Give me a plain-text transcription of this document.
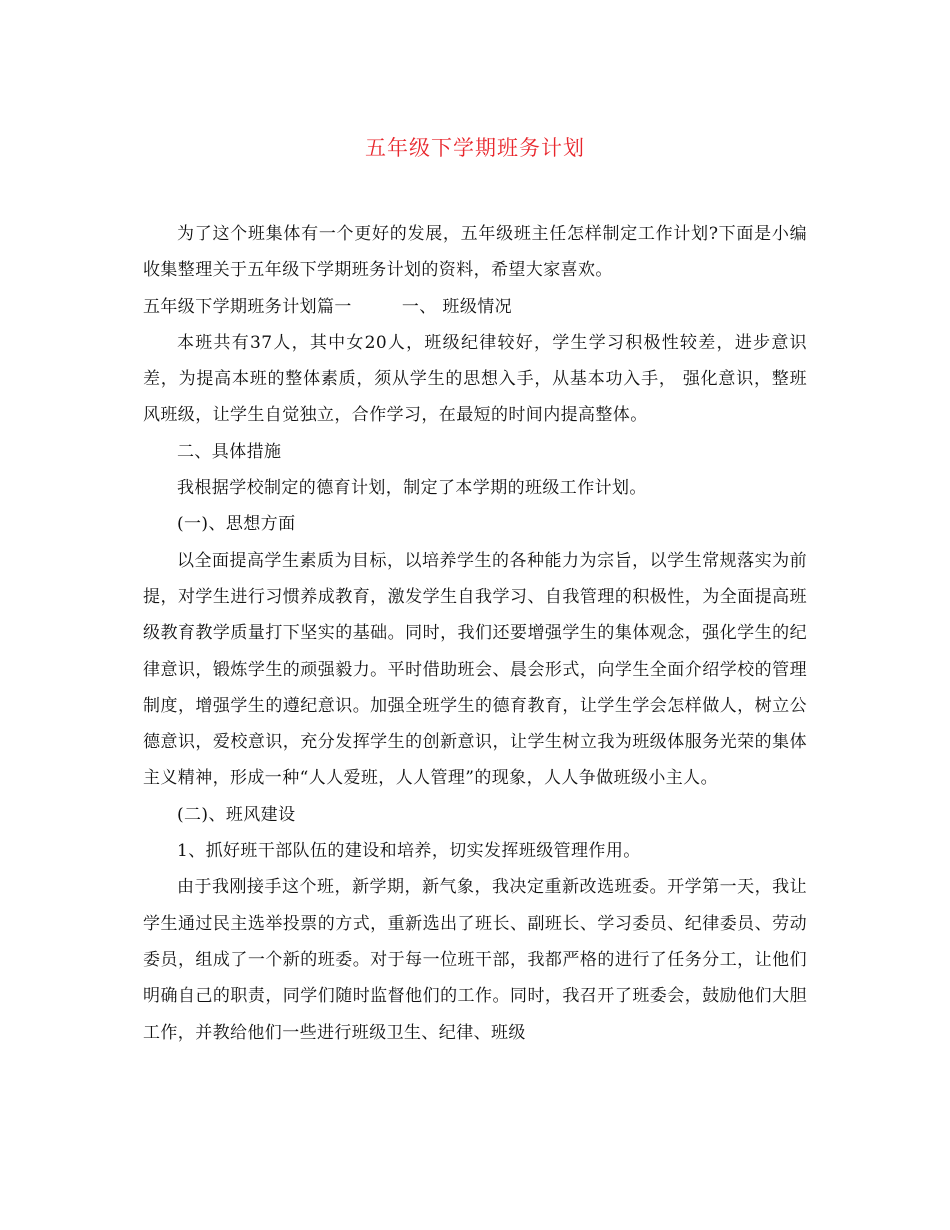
五年级下学期班务计划

为了这个班集体有一个更好的发展，五年级班主任怎样制定工作计划?下面是小编收集整理关于五年级下学期班务计划的资料，希望大家喜欢。

五年级下学期班务计划篇一	一、 班级情况

本班共有37人，其中女20人，班级纪律较好，学生学习积极性较差，进步意识差，为提高本班的整体素质，须从学生的思想入手，从基本功入手， 强化意识，整班风班级，让学生自觉独立，合作学习，在最短的时间内提高整体。

二、具体措施

我根据学校制定的德育计划，制定了本学期的班级工作计划。

(一)、思想方面

以全面提高学生素质为目标，以培养学生的各种能力为宗旨，以学生常规落实为前提，对学生进行习惯养成教育，激发学生自我学习、自我管理的积极性，为全面提高班级教育教学质量打下坚实的基础。同时，我们还要增强学生的集体观念，强化学生的纪律意识，锻炼学生的顽强毅力。平时借助班会、晨会形式，向学生全面介绍学校的管理制度，增强学生的遵纪意识。加强全班学生的德育教育，让学生学会怎样做人，树立公德意识，爱校意识，充分发挥学生的创新意识，让学生树立我为班级体服务光荣的集体主义精神，形成一种“人人爱班，人人管理”的现象，人人争做班级小主人。

(二)、班风建设

1、抓好班干部队伍的建设和培养，切实发挥班级管理作用。

由于我刚接手这个班，新学期，新气象，我决定重新改选班委。开学第一天，我让学生通过民主选举投票的方式，重新选出了班长、副班长、学习委员、纪律委员、劳动委员，组成了一个新的班委。对于每一位班干部，我都严格的进行了任务分工，让他们明确自己的职责，同学们随时监督他们的工作。同时，我召开了班委会，鼓励他们大胆工作，并教给他们一些进行班级卫生、纪律、班级
